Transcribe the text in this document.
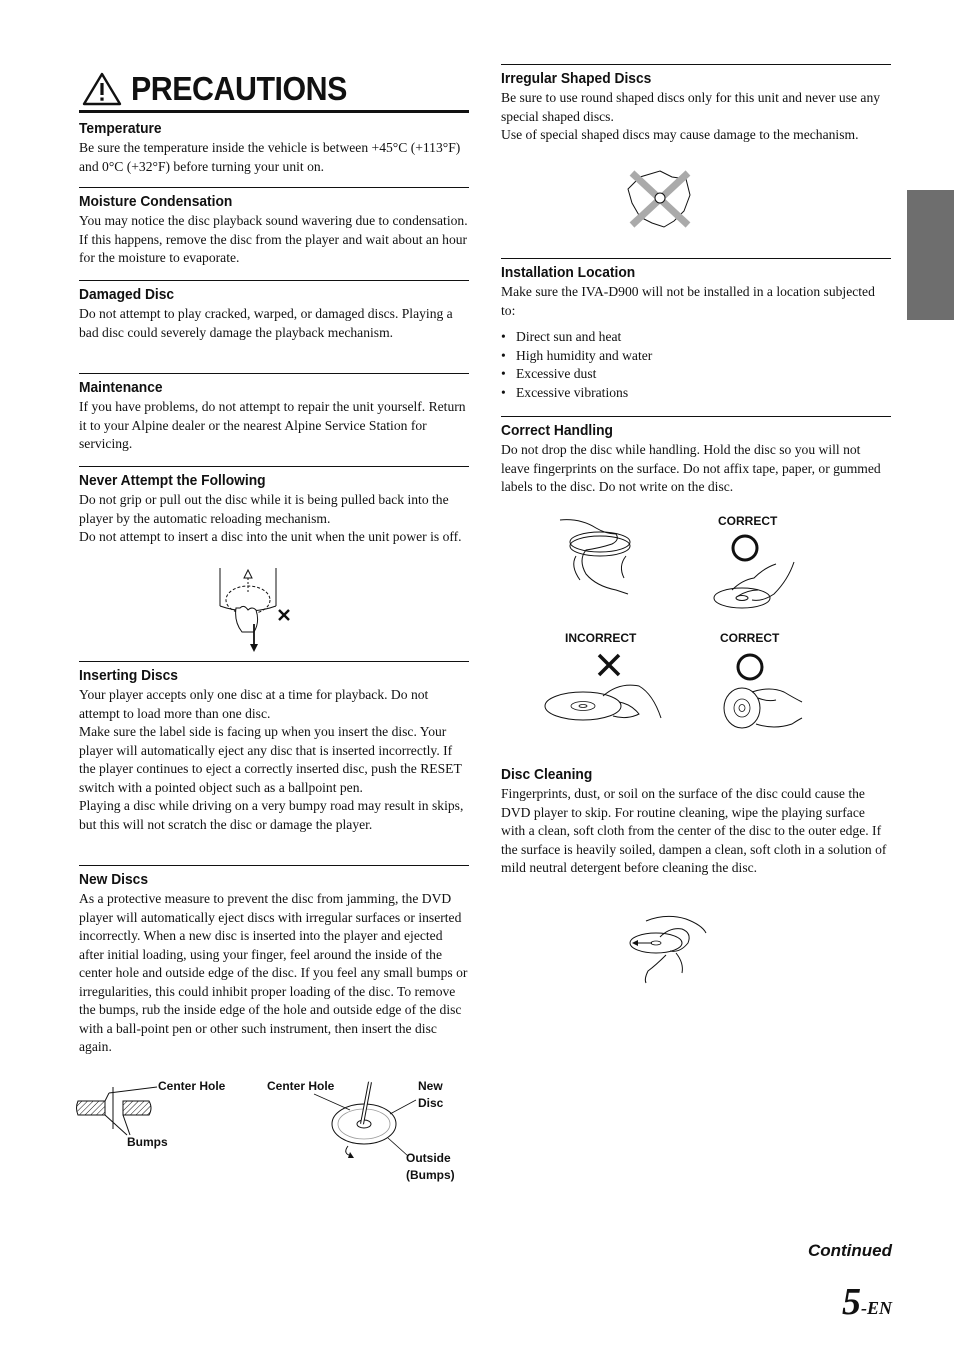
PRECAUTIONS
Temperature

Be sure the temperature inside the vehicle is between +45°C (+113°F) and 0°C (+32°F) before turning your unit on.

Moisture Condensation

You may notice the disc playback sound wavering due to condensation. If this happens, remove the disc from the player and wait about an hour for the moisture to evaporate.

Damaged Disc

Do not attempt to play cracked, warped, or damaged discs. Playing a bad disc could severely damage the playback mechanism.

Maintenance

If you have problems, do not attempt to repair the unit yourself. Return it to your Alpine dealer or the nearest Alpine Service Station for servicing.

Never Attempt the Following

Do not grip or pull out the disc while it is being pulled back into the player by the automatic reloading mechanism.

Do not attempt to insert a disc into the unit when the unit power is off.

Inserting Discs

Your player accepts only one disc at a time for playback. Do not attempt to load more than one disc.

Make sure the label side is facing up when you insert the disc. Your player will automatically eject any disc that is inserted incorrectly. If the player continues to eject a correctly inserted disc, push the RESET switch with a pointed object such as a ballpoint pen.

Playing a disc while driving on a very bumpy road may result in skips, but this will not scratch the disc or damage the player.

New Discs

As a protective measure to prevent the disc from jamming, the DVD player will automatically eject discs with irregular surfaces or inserted incorrectly. When a new disc is inserted into the player and ejected after initial loading, using your finger, feel around the inside of the center hole and outside edge of the disc. If you feel any small bumps or irregularities, this could inhibit proper loading of the disc. To remove the bumps, rub the inside edge of the hole and outside edge of the disc with a ball-point pen or other such instrument, then insert the disc again.

Center Hole
Bumps
Center Hole	New
Disc
Outside
(Bumps)
Irregular Shaped Discs

Be sure to use round shaped discs only for this unit and never use any special shaped discs.

Use of special shaped discs may cause damage to the mechanism.

Installation Location

Make sure the IVA-D900 will not be installed in a location subjected to:

• Direct sun and heat
• High humidity and water
• Excessive dust
• Excessive vibrations
Correct Handling

Do not drop the disc while handling. Hold the disc so you will not leave fingerprints on the surface. Do not affix tape, paper, or gummed labels to the disc. Do not write on the disc.

CORRECT
INCORRECT	CORRECT
Disc Cleaning

Fingerprints, dust, or soil on the surface of the disc could cause the DVD player to skip. For routine cleaning, wipe the playing surface with a clean, soft cloth from the center of the disc to the outer edge. If the surface is heavily soiled, dampen a clean, soft cloth in a solution of mild neutral detergent before cleaning the disc.

Continued
5-EN
